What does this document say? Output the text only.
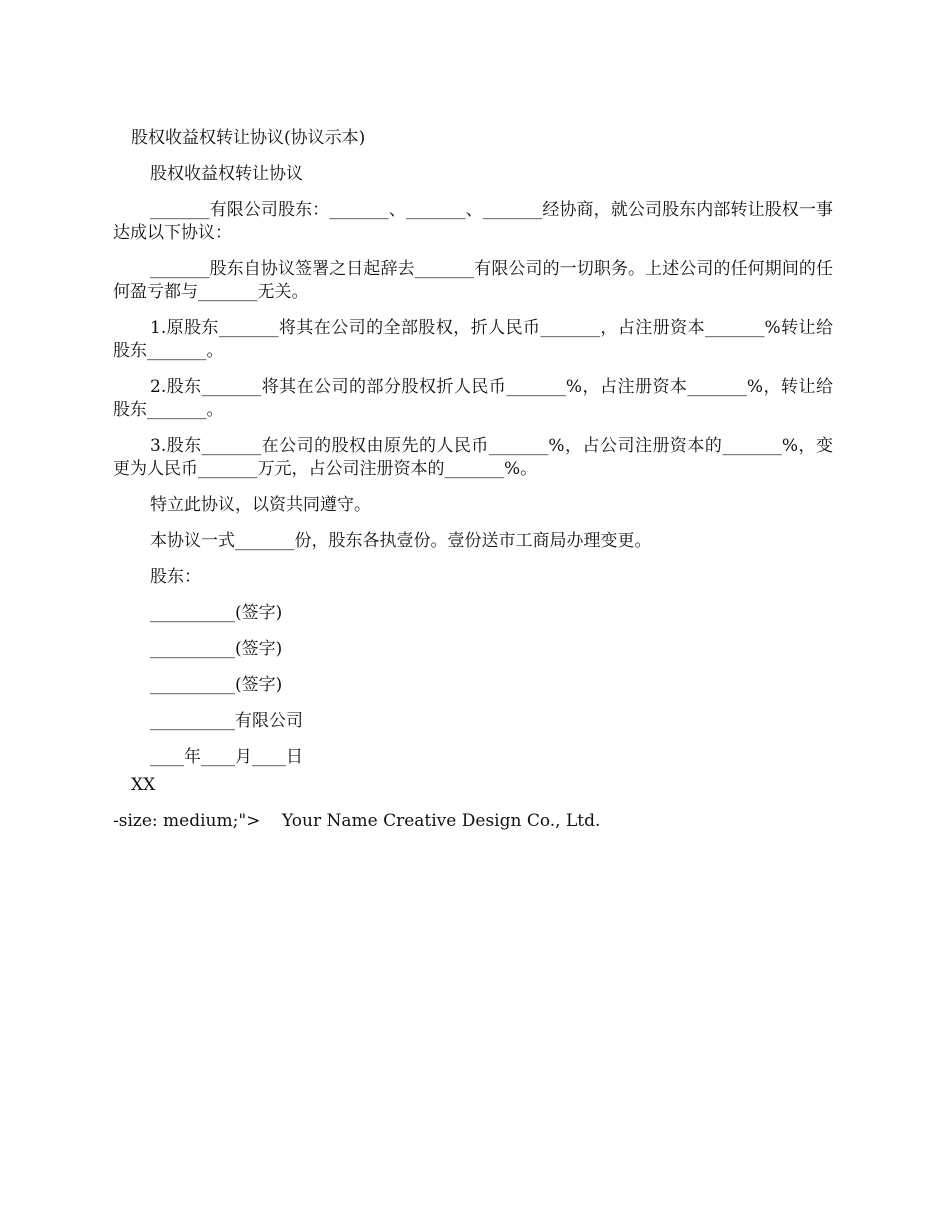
股权收益权转让协议(协议示本)

股权收益权转让协议

_______有限公司股东：_______、_______、_______经协商，就公司股东内部转让股权一事达成以下协议：

_______股东自协议签署之日起辞去_______有限公司的一切职务。上述公司的任何期间的任何盈亏都与_______无关。

1.原股东_______将其在公司的全部股权，折人民币_______，占注册资本_______%转让给股东_______。

2.股东_______将其在公司的部分股权折人民币_______%，占注册资本_______%，转让给股东_______。

3.股东_______在公司的股权由原先的人民币_______%，占公司注册资本的_______%，变更为人民币_______万元，占公司注册资本的_______%。

特立此协议，以资共同遵守。

本协议一式_______份，股东各执壹份。壹份送市工商局办理变更。

股东：

__________(签字)

__________(签字)

__________(签字)

__________有限公司

____年____月____日

XX
-size: medium;">    Your Name Creative Design Co., Ltd.
